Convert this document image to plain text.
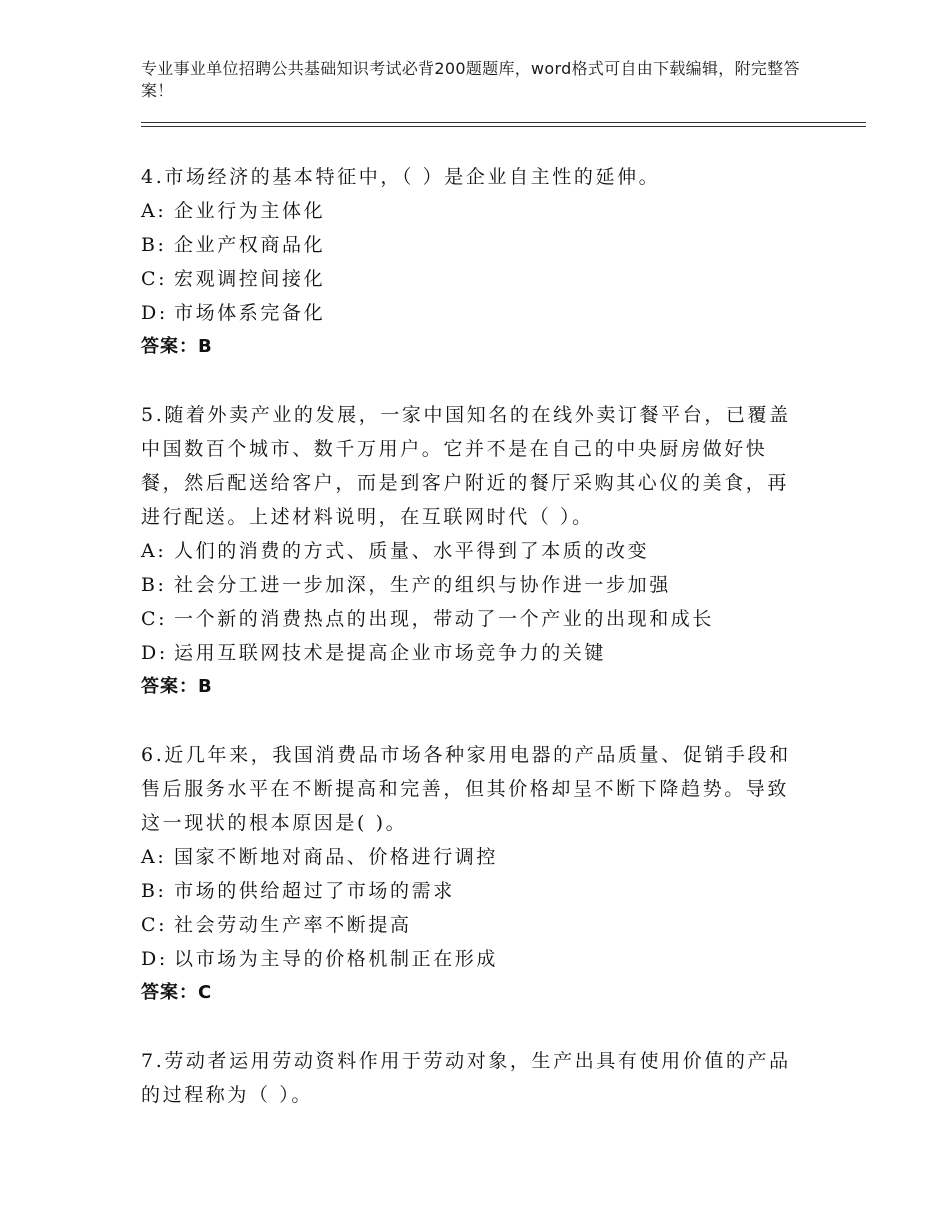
专业事业单位招聘公共基础知识考试必背200题题库，word格式可自由下载编辑，附完整答案！

4.市场经济的基本特征中，（ ）是企业自主性的延伸。

A: 企业行为主体化

B: 企业产权商品化

C: 宏观调控间接化

D: 市场体系完备化

答案：B

5.随着外卖产业的发展，一家中国知名的在线外卖订餐平台，已覆盖中国数百个城市、数千万用户。它并不是在自己的中央厨房做好快餐，然后配送给客户，而是到客户附近的餐厅采购其心仪的美食，再进行配送。上述材料说明，在互联网时代（ ）。

A: 人们的消费的方式、质量、水平得到了本质的改变

B: 社会分工进一步加深，生产的组织与协作进一步加强

C: 一个新的消费热点的出现，带动了一个产业的出现和成长

D: 运用互联网技术是提高企业市场竞争力的关键

答案：B

6.近几年来，我国消费品市场各种家用电器的产品质量、促销手段和售后服务水平在不断提高和完善，但其价格却呈不断下降趋势。导致这一现状的根本原因是( )。

A: 国家不断地对商品、价格进行调控

B: 市场的供给超过了市场的需求

C: 社会劳动生产率不断提高

D: 以市场为主导的价格机制正在形成

答案：C

7.劳动者运用劳动资料作用于劳动对象，生产出具有使用价值的产品的过程称为（ ）。
